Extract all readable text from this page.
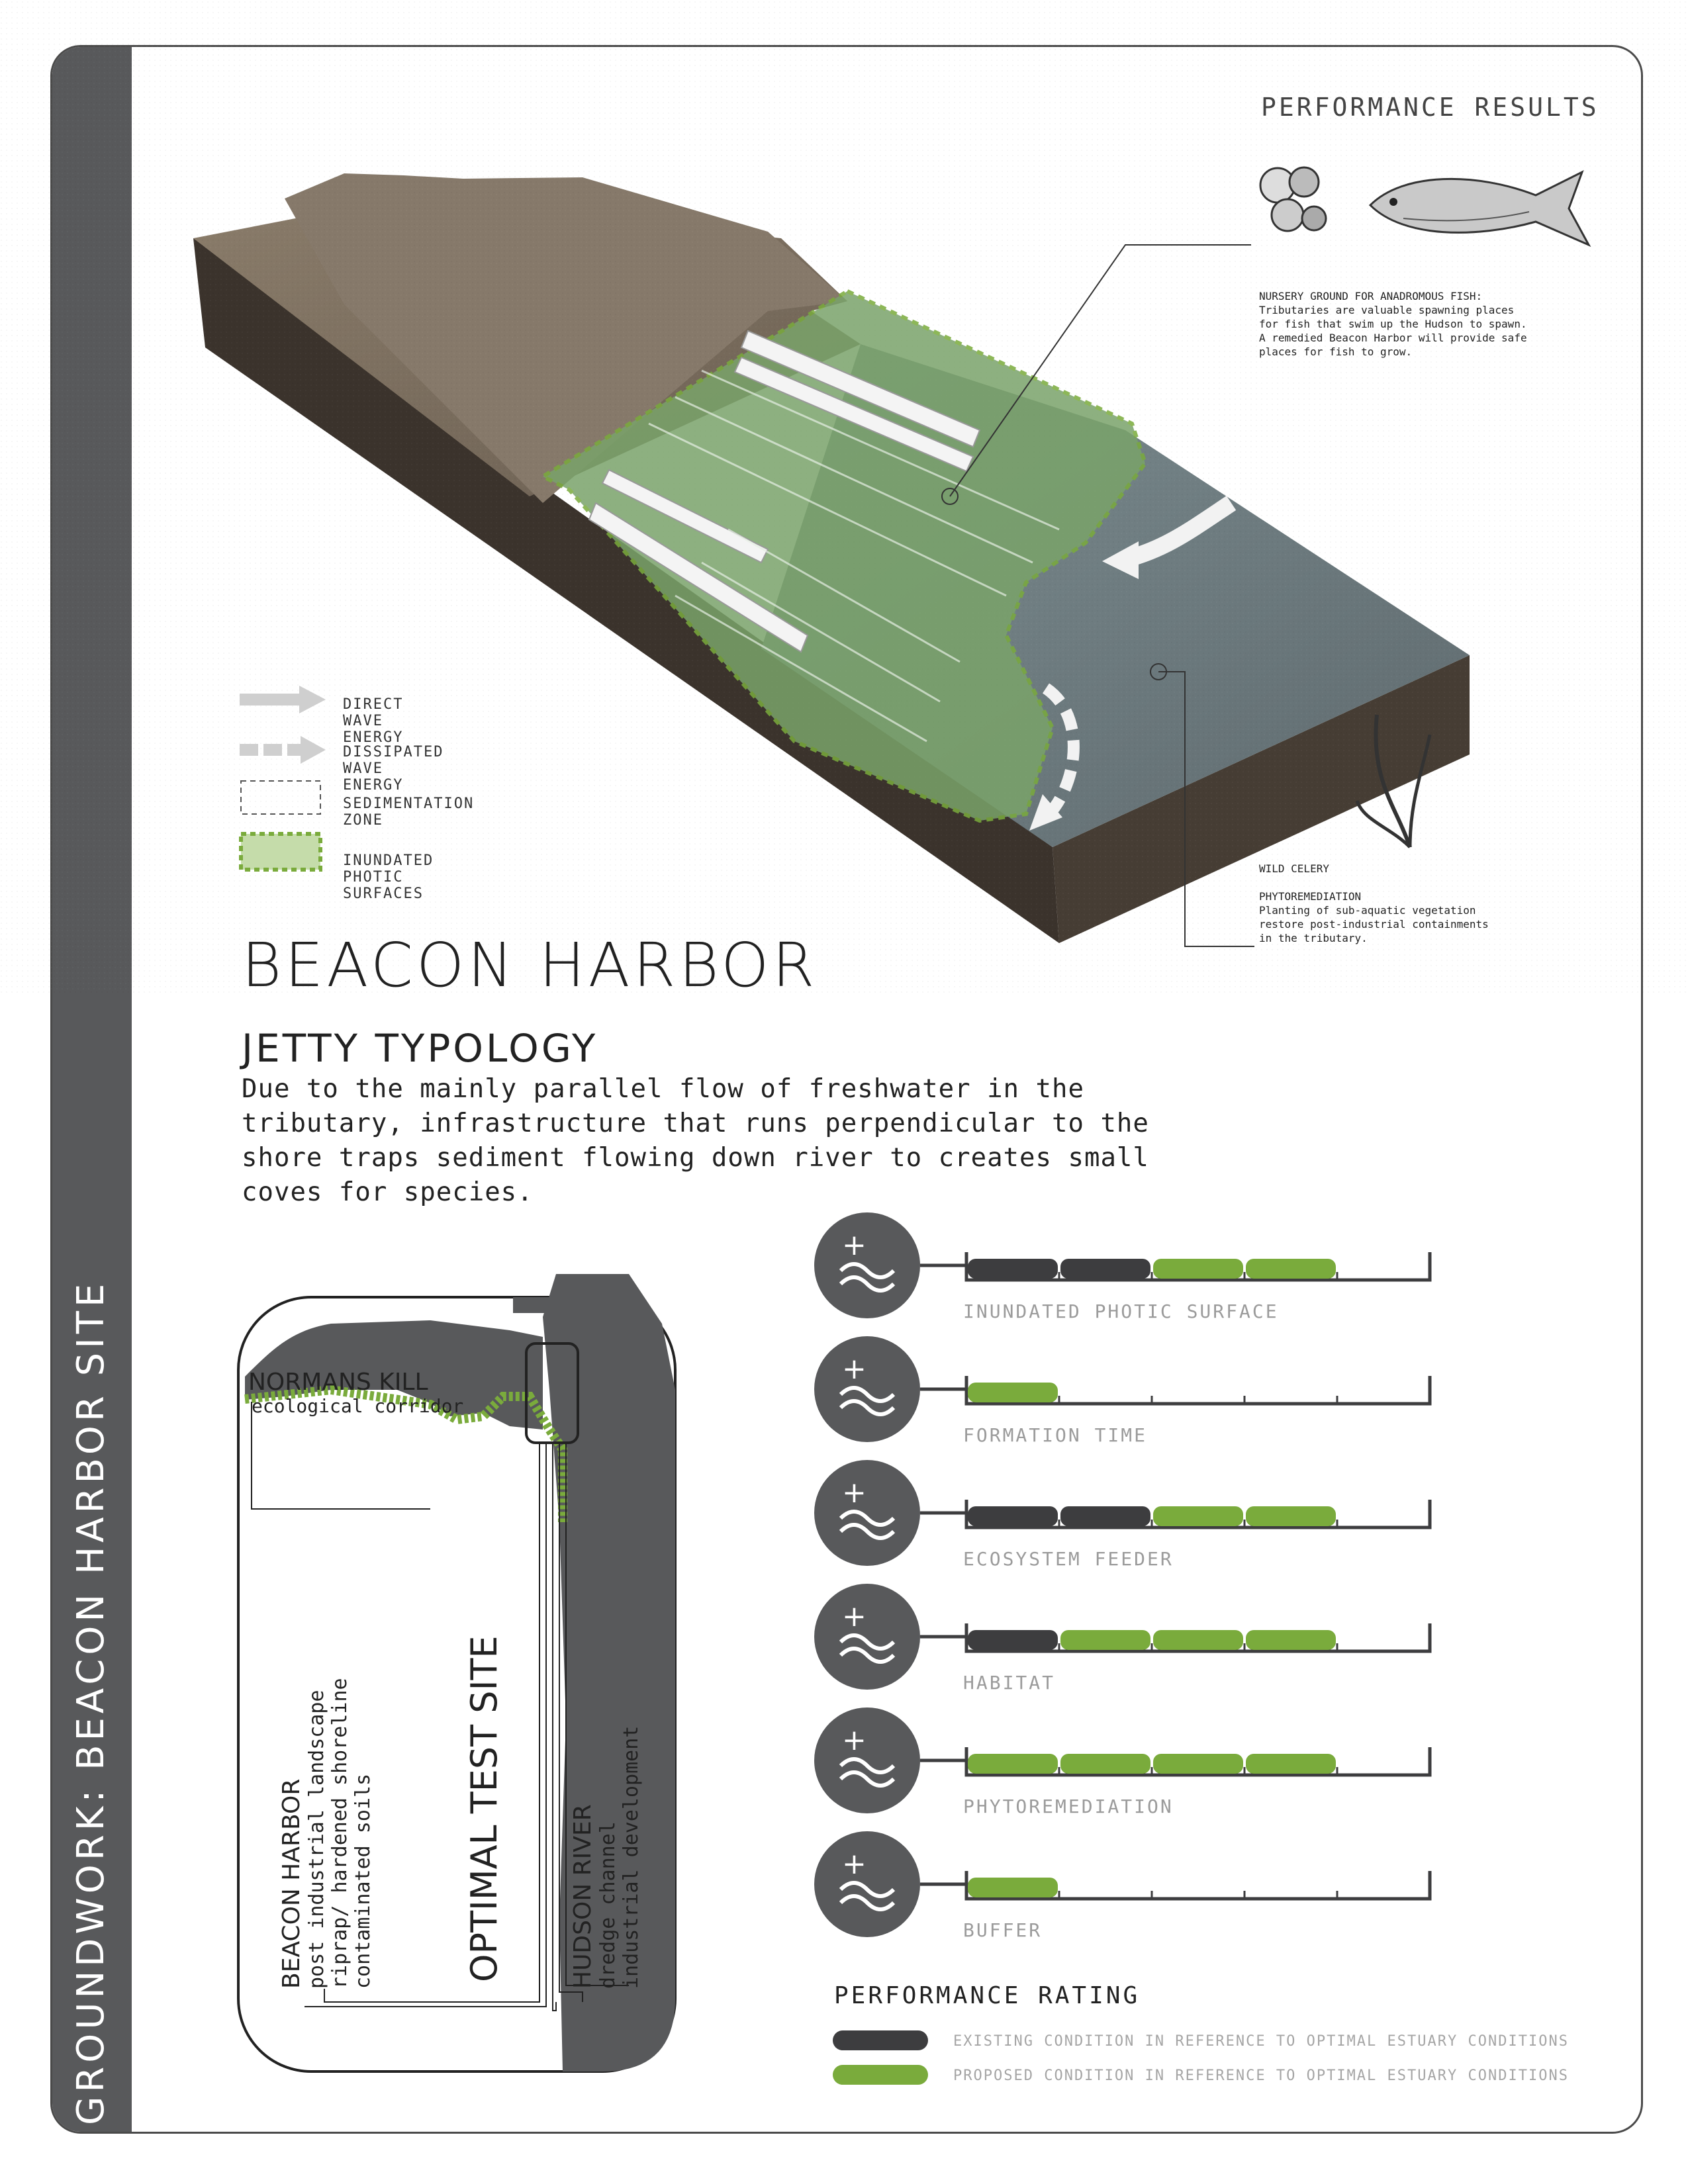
GROUNDWORK: BEACON HARBOR SITE
PERFORMANCE RESULTS
NURSERY GROUND FOR ANADROMOUS FISH:
Tributaries are valuable spawning places
for fish that swim up the Hudson to spawn.
A remedied Beacon Harbor will provide safe
places for fish to grow.
WILD CELERY
PHYTOREMEDIATION
Planting of sub-aquatic vegetation
restore post-industrial containments
in the tributary.
DIRECT WAVE ENERGY
DISSIPATED WAVE ENERGY
SEDIMENTATION ZONE
INUNDATED PHOTIC SURFACES
BEACON HARBOR
JETTY TYPOLOGY
Due to the mainly parallel flow of freshwater in the tributary, infrastructure that runs perpendicular to the shore traps sediment flowing down river to creates small coves for species.
NORMANS KILL
ecological corridor
BEACON HARBOR post industrial landscape riprap/ hardened shoreline contaminated soils OPTIMAL TEST SITE	HUDSON RIVER dredge channel industrial development
+
INUNDATED PHOTIC SURFACE
+
FORMATION TIME
+
ECOSYSTEM FEEDER
+
HABITAT
+
PHYTOREMEDIATION
+
BUFFER
PERFORMANCE RATING
EXISTING CONDITION IN REFERENCE TO OPTIMAL ESTUARY CONDITIONS
PROPOSED CONDITION IN REFERENCE TO OPTIMAL ESTUARY CONDITIONS
